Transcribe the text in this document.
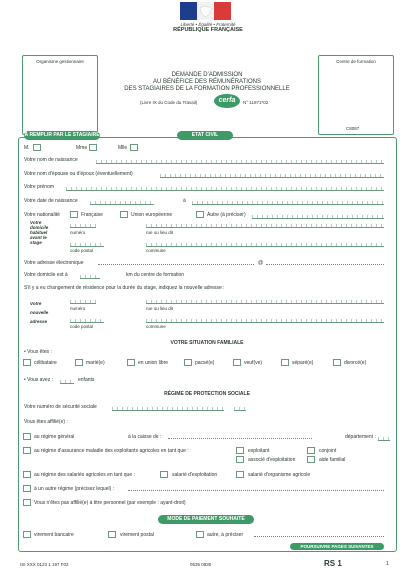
Liberté • Égalité • Fraternité
RÉPUBLIQUE FRANÇAISE
Organisme gestionnaire	Centre de formation
C8087
DEMANDE D'ADMISSION
AU BÉNÉFICE DES RÉMUNÉRATIONS
DES STAGIAIRES DE LA FORMATION PROFESSIONNELLE
(Livre IX du Code du Travail)	cerfa	N° 11971*02
À REMPLIR PAR LE STAGIAIRE	ETAT CIVIL
M.	Mme	Mlle
Votre nom de naissance
Votre nom d'épouse ou d'époux (éventuellement)
Votre prénom
Votre date de naissance	à
Votre nationalité	Française	Union européenne	Autre (à préciser)
Votre
domicile
habituel
avant le
stage
numéro	rue ou lieu dit
code postal	commune
Votre adresse électronique	@
Votre domicile est à	km du centre de formation
S'il y a eu changement de résidence pour la durée du stage, indiquez la nouvelle adresse :
Votre
nouvelle
adresse
numéro	rue ou lieu dit
code postal	commune
VOTRE SITUATION FAMILIALE
• Vous êtes :
célibataire	marié(e)	en union libre	pacsé(e)	veuf(ve)	séparé(e)	divorcé(e)
• Vous avez :	enfants
RÉGIME DE PROTECTION SOCIALE
Votre numéro de sécurité sociale
Vous êtes affilié(e) :
au régime général	à la caisse de :	département :
au régime d'assurance maladie des exploitants agricoles en tant que :	exploitant	conjoint
associé d'exploitation	aide familial
au régime des salariés agricoles en tant que :	salarié d'exploitation	salarié d'organisme agricole
à un autre régime (précisez lequel) :
Vous n'êtes pas affilié(e) à titre personnel (par exemple : ayant-droit)
MODE DE PAIEMENT SOUHAITÉ
virement bancaire	virement postal	autre, à préciser
POURSUIVRE PAGES SUIVANTES
ISI XXX 0123 1 197 F02	0535 0830	RS 1	1
